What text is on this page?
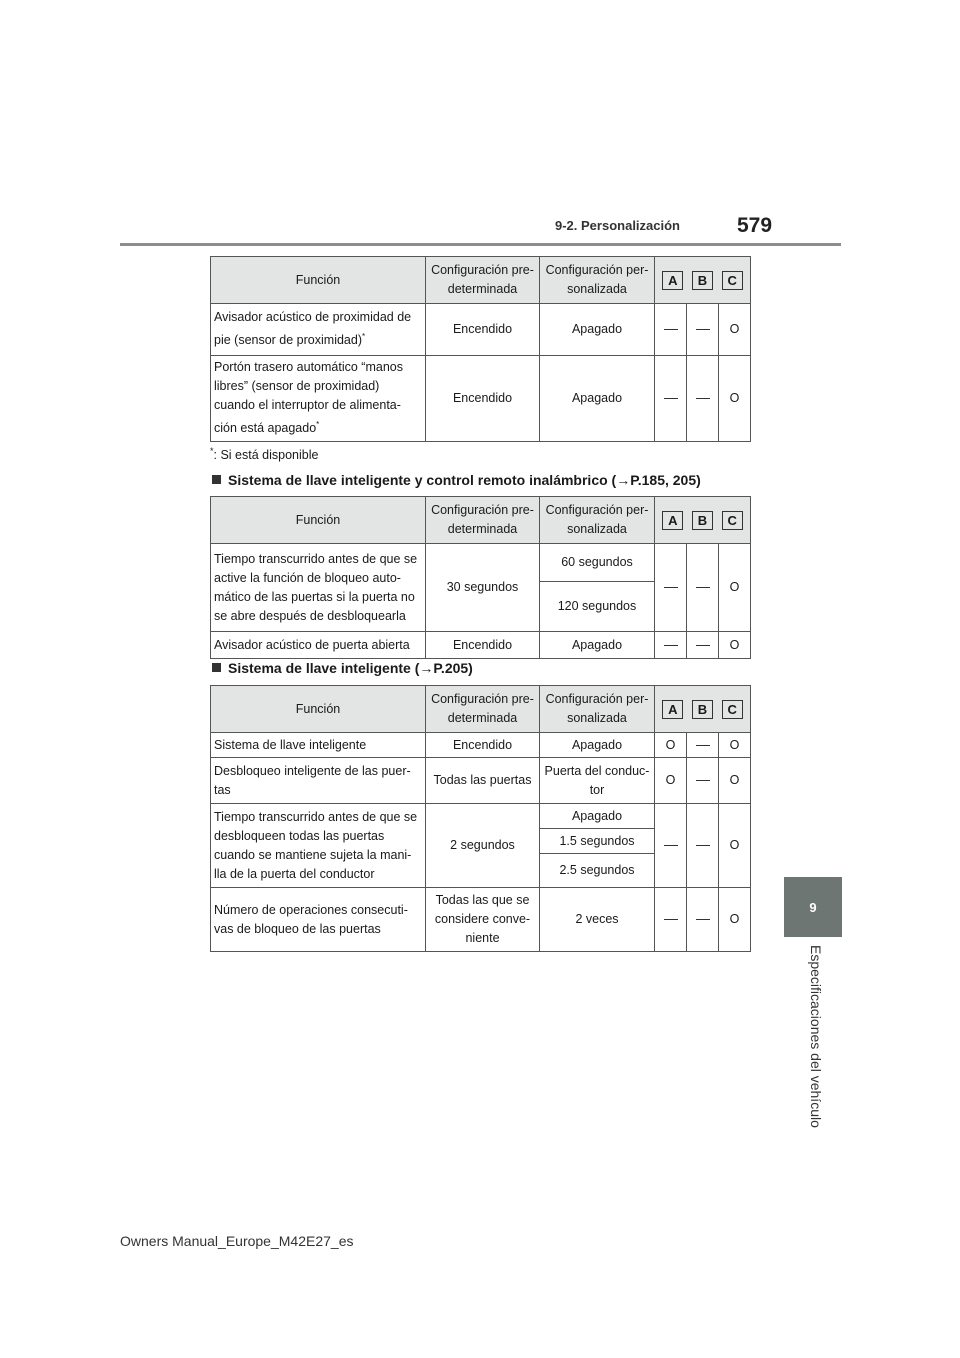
9-2. Personalización	579
9
Especificaciones del vehículo
Función	Configuración pre-determinada	Configuración per-sonalizada	A B C		

Avisador acústico de proximidad de pie (sensor de proximidad)*	Encendido	Apagado			O
Portón trasero automático “manos libres” (sensor de proximidad) cuando el interruptor de alimenta-ción está apagado*	Encendido	Apagado			O
*: Si está disponible
Sistema de llave inteligente y control remoto inalámbrico (→P.185, 205)
Función	Configuración pre-determinada	Configuración per-sonalizada	A B C		

Tiempo transcurrido antes de que se active la función de bloqueo auto-mático de las puertas si la puerta no se abre después de desbloquearla	30 segundos	60 segundos			O
		120 segundos			
Avisador acústico de puerta abierta	Encendido	Apagado			O
Sistema de llave inteligente (→P.205)
Función	Configuración pre-determinada	Configuración per-sonalizada	A B C		

Sistema de llave inteligente	Encendido	Apagado	O		O
Desbloqueo inteligente de las puer-tas	Todas las puertas	Puerta del conduc-tor	O		O
Tiempo transcurrido antes de que se desbloqueen todas las puertas cuando se mantiene sujeta la mani-lla de la puerta del conductor	2 segundos	Apagado			O
		1.5 segundos			
		2.5 segundos			
Número de operaciones consecuti-vas de bloqueo de las puertas	Todas las que se considere conve-niente	2 veces			O
Owners Manual_Europe_M42E27_es
